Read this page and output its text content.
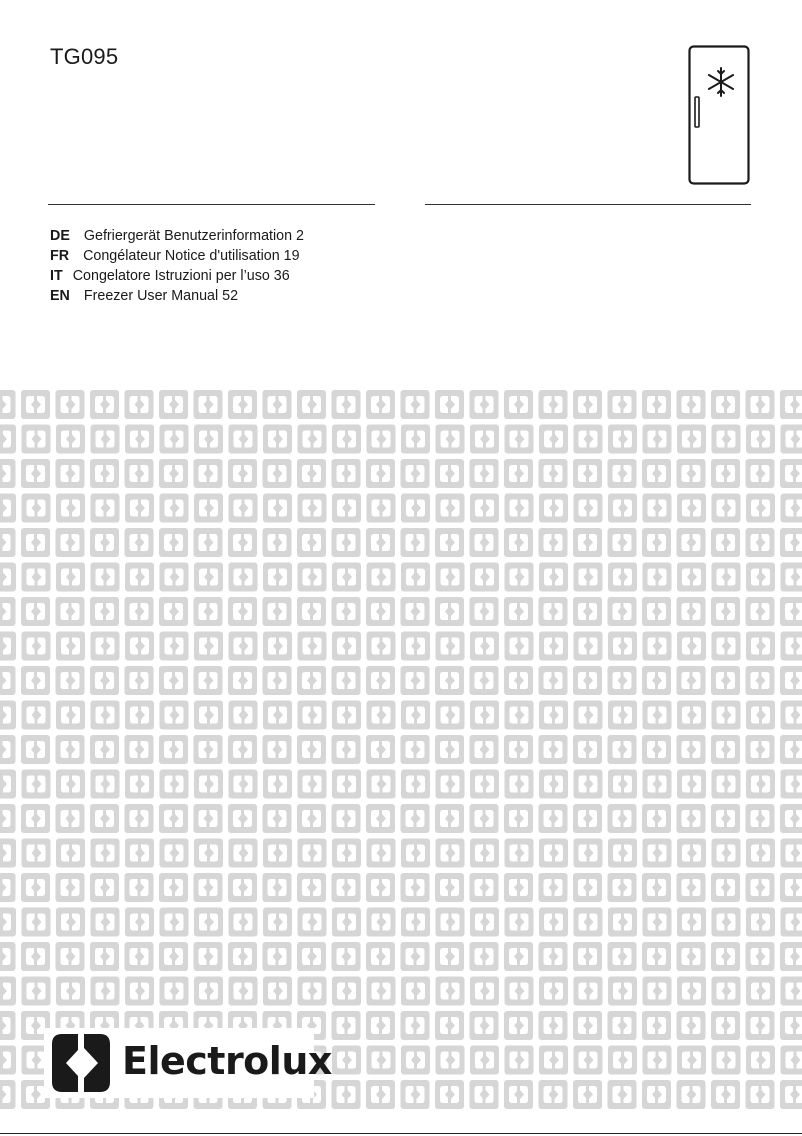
TG095
DE Gefriergerät Benutzerinformation 2
FR Congélateur Notice d'utilisation 19
IT Congelatore Istruzioni per l’uso 36
EN Freezer User Manual 52
Electrolux
